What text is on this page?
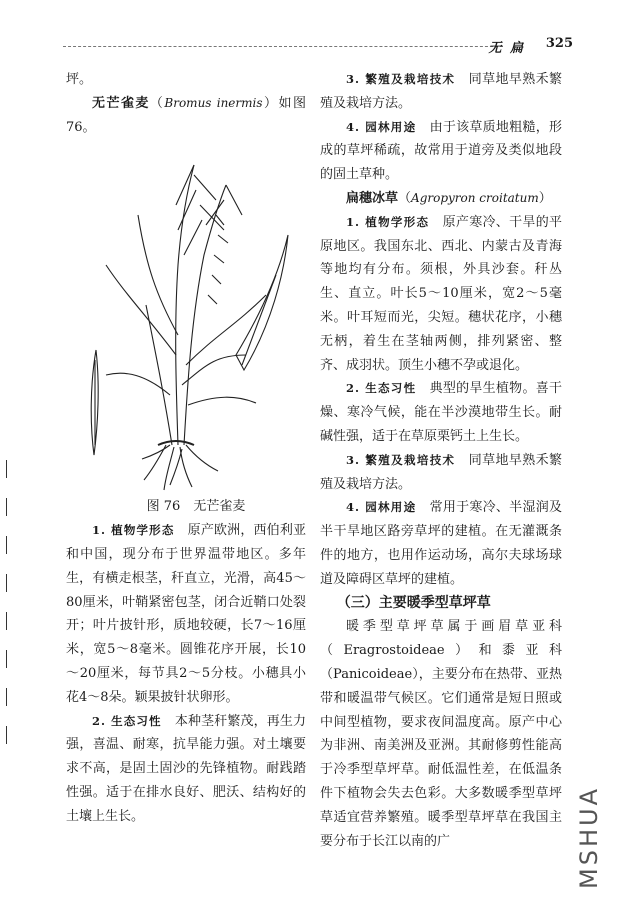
无 扁 325

坪。

无芒雀麦（Bromus inermis）如图76。

图 76　无芒雀麦

1. 植物学形态　 原产欧洲，西伯利亚和中国，现分布于世界温带地区。多年生，有横走根茎，秆直立，光滑，高45～80厘米，叶鞘紧密包茎，闭合近鞘口处裂开；叶片披针形，质地较硬，长7～16厘米，宽5～8毫米。圆锥花序开展，长10～20厘米，每节具2～5分枝。小穗具小花4～8朵。颖果披针状卵形。

2. 生态习性　 本种茎秆繁茂，再生力强，喜温、耐寒，抗旱能力强。对土壤要求不高，是固土固沙的先锋植物。耐践踏性强。适于在排水良好、肥沃、结构好的土壤上生长。

3. 繁殖及栽培技术　 同草地早熟禾繁殖及栽培方法。

4. 园林用途　 由于该草质地粗糙，形成的草坪稀疏，故常用于道旁及类似地段的固土草种。

扁穗冰草（Agropyron croitatum）

1. 植物学形态　 原产寒冷、干旱的平原地区。我国东北、西北、内蒙古及青海等地均有分布。须根，外具沙套。秆丛生、直立。叶长5～10厘米，宽2～5毫米。叶耳短而光，尖短。穗状花序，小穗无柄，着生在茎轴两侧，排列紧密、整齐、成羽状。顶生小穗不孕或退化。

2. 生态习性　 典型的旱生植物。喜干燥、寒冷气候，能在半沙漠地带生长。耐碱性强，适于在草原栗钙土上生长。

3. 繁殖及栽培技术　 同草地早熟禾繁殖及栽培方法。

4. 园林用途　 常用于寒冷、半湿润及半干旱地区路旁草坪的建植。在无灌溉条件的地方，也用作运动场，高尔夫球场球道及障碍区草坪的建植。

（三）主要暖季型草坪草

暖季型草坪草属于画眉草亚科（Eragrostoideae）和黍亚科（Panicoideae），主要分布在热带、亚热带和暖温带气候区。它们通常是短日照或中间型植物，要求夜间温度高。原产中心为非洲、南美洲及亚洲。其耐修剪性能高于冷季型草坪草。耐低温性差，在低温条件下植物会失去色彩。大多数暖季型草坪草适宜营养繁殖。暖季型草坪草在我国主要分布于长江以南的广	MSHUA
